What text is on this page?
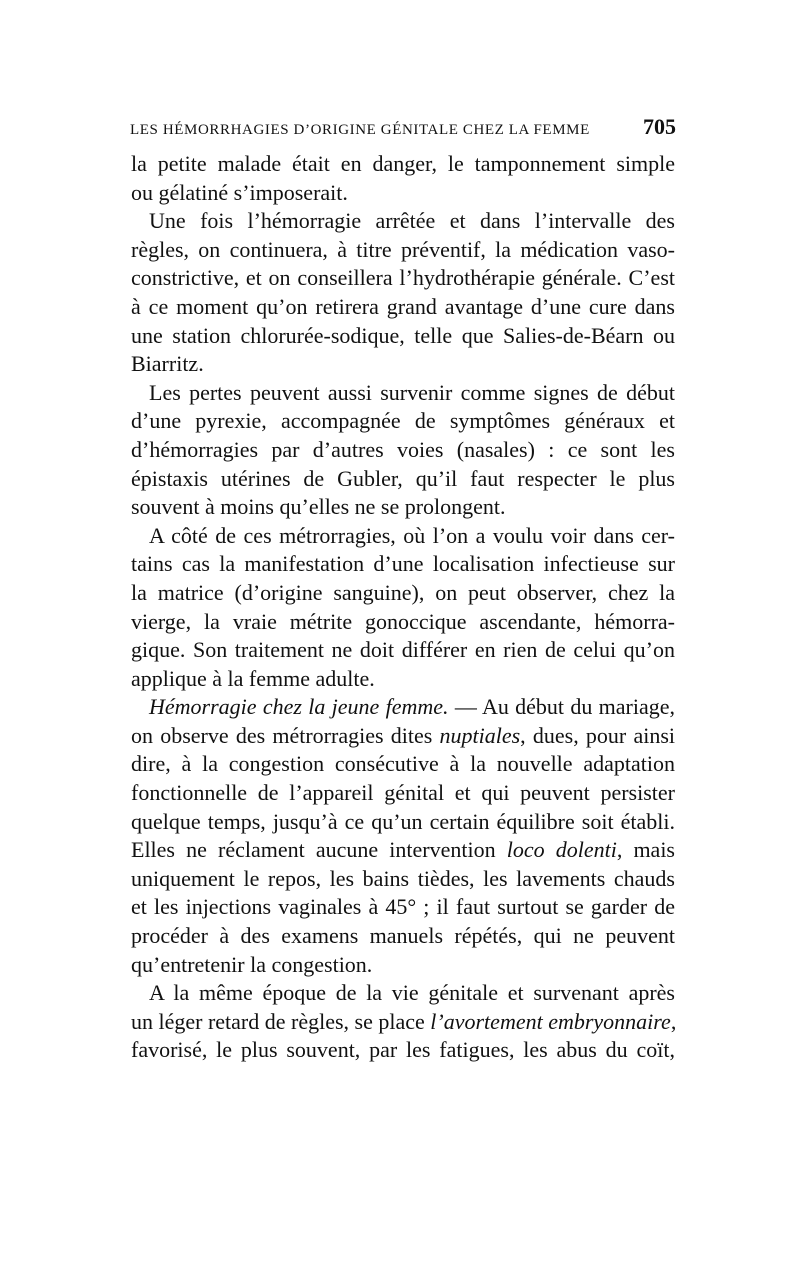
LES HÉMORRHAGIES D’ORIGINE GÉNITALE CHEZ LA FEMME 705
la petite malade était en danger, le tamponnement simple
ou gélatiné s’imposerait.
Une fois l’hémorragie arrêtée et dans l’intervalle des
règles, on continuera, à titre préventif, la médication vaso-
constrictive, et on conseillera l’hydrothérapie générale. C’est
à ce moment qu’on retirera grand avantage d’une cure dans
une station chlorurée-sodique, telle que Salies-de-Béarn ou
Biarritz.
Les pertes peuvent aussi survenir comme signes de début
d’une pyrexie, accompagnée de symptômes généraux et
d’hémorragies par d’autres voies (nasales) : ce sont les
épistaxis utérines de Gubler, qu’il faut respecter le plus
souvent à moins qu’elles ne se prolongent.
A côté de ces métrorragies, où l’on a voulu voir dans cer-
tains cas la manifestation d’une localisation infectieuse sur
la matrice (d’origine sanguine), on peut observer, chez la
vierge, la vraie métrite gonoccique ascendante, hémorra-
gique. Son traitement ne doit différer en rien de celui qu’on
applique à la femme adulte.
Hémorragie chez la jeune femme. — Au début du mariage,
on observe des métrorragies dites nuptiales, dues, pour ainsi
dire, à la congestion consécutive à la nouvelle adaptation
fonctionnelle de l’appareil génital et qui peuvent persister
quelque temps, jusqu’à ce qu’un certain équilibre soit établi.
Elles ne réclament aucune intervention loco dolenti, mais
uniquement le repos, les bains tièdes, les lavements chauds
et les injections vaginales à 45° ; il faut surtout se garder de
procéder à des examens manuels répétés, qui ne peuvent
qu’entretenir la congestion.
A la même époque de la vie génitale et survenant après
un léger retard de règles, se place l’avortement embryonnaire,
favorisé, le plus souvent, par les fatigues, les abus du coït,
